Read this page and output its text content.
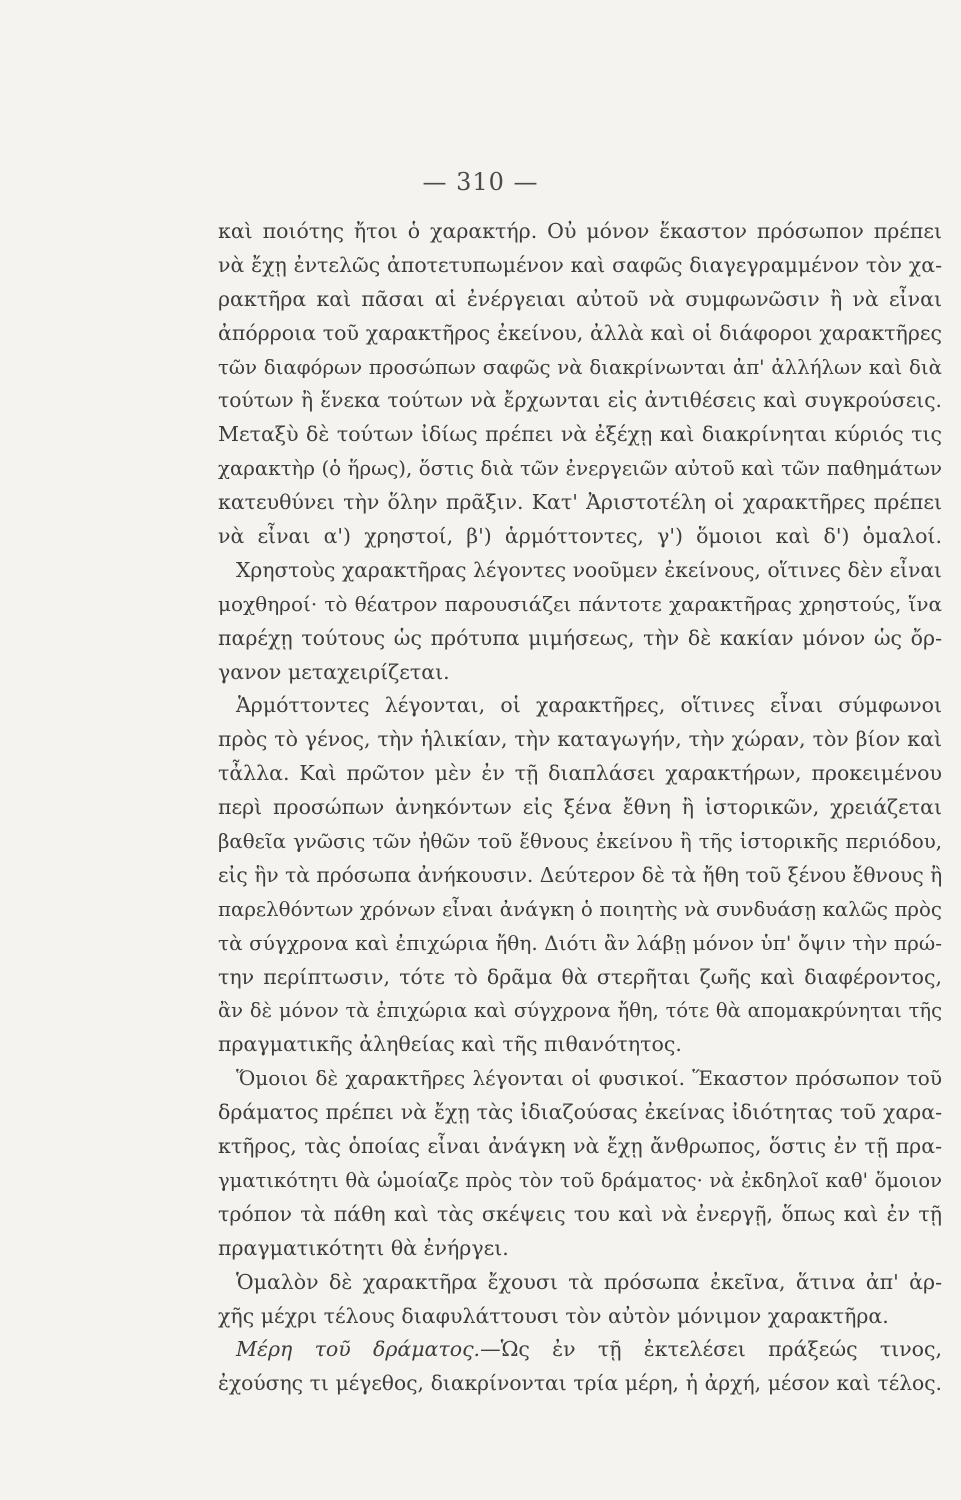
— 310 —
καὶ ποιότης ἤτοι ὁ χαρακτήρ. Οὐ μόνον ἕκαστον πρόσωπον πρέπει
νὰ ἔχῃ ἐντελῶς ἀποτετυπωμένον καὶ σαφῶς διαγεγραμμένον τὸν χα-
ρακτῆρα καὶ πᾶσαι αἱ ἐνέργειαι αὐτοῦ νὰ συμφωνῶσιν ἢ νὰ εἶναι
ἀπόρροια τοῦ χαρακτῆρος ἐκείνου, ἀλλὰ καὶ οἱ διάφοροι χαρακτῆρες
τῶν διαφόρων προσώπων σαφῶς νὰ διακρίνωνται ἀπ' ἀλλήλων καὶ διὰ
τούτων ἢ ἕνεκα τούτων νὰ ἔρχωνται εἰς ἀντιθέσεις καὶ συγκρούσεις.
Μεταξὺ δὲ τούτων ἰδίως πρέπει νὰ ἐξέχῃ καὶ διακρίνηται κύριός τις
χαρακτὴρ (ὁ ἥρως), ὅστις διὰ τῶν ἐνεργειῶν αὐτοῦ καὶ τῶν παθημάτων
κατευθύνει τὴν ὅλην πρᾶξιν. Κατ' Ἀριστοτέλη οἱ χαρακτῆρες πρέπει
νὰ εἶναι α') χρηστοί, β') ἁρμόττοντες, γ') ὅμοιοι καὶ δ') ὁμαλοί.
Χρηστοὺς χαρακτῆρας λέγοντες νοοῦμεν ἐκείνους, οἵτινες δὲν εἶναι
μοχθηροί· τὸ θέατρον παρουσιάζει πάντοτε χαρακτῆρας χρηστούς, ἵνα
παρέχῃ τούτους ὡς πρότυπα μιμήσεως, τὴν δὲ κακίαν μόνον ὡς ὄρ-
γανον μεταχειρίζεται.
Ἁρμόττοντες λέγονται, οἱ χαρακτῆρες, οἵτινες εἶναι σύμφωνοι
πρὸς τὸ γένος, τὴν ἡλικίαν, τὴν καταγωγήν, τὴν χώραν, τὸν βίον καὶ
τἆλλα. Καὶ πρῶτον μὲν ἐν τῇ διαπλάσει χαρακτήρων, προκειμένου
περὶ προσώπων ἀνηκόντων εἰς ξένα ἔθνη ἢ ἱστορικῶν, χρειάζεται
βαθεῖα γνῶσις τῶν ἠθῶν τοῦ ἔθνους ἐκείνου ἢ τῆς ἱστορικῆς περιόδου,
εἰς ἣν τὰ πρόσωπα ἀνήκουσιν. Δεύτερον δὲ τὰ ἤθη τοῦ ξένου ἔθνους ἢ
παρελθόντων χρόνων εἶναι ἀνάγκη ὁ ποιητὴς νὰ συνδυάσῃ καλῶς πρὸς
τὰ σύγχρονα καὶ ἐπιχώρια ἤθη. Διότι ἂν λάβῃ μόνον ὑπ' ὄψιν τὴν πρώ-
την περίπτωσιν, τότε τὸ δρᾶμα θὰ στερῆται ζωῆς καὶ διαφέροντος,
ἂν δὲ μόνον τὰ ἐπιχώρια καὶ σύγχρονα ἤθη, τότε θὰ απομακρύνηται τῆς
πραγματικῆς ἀληθείας καὶ τῆς πιθανότητος.
Ὅμοιοι δὲ χαρακτῆρες λέγονται οἱ φυσικοί. Ἕκαστον πρόσωπον τοῦ
δράματος πρέπει νὰ ἔχῃ τὰς ἰδιαζούσας ἐκείνας ἰδιότητας τοῦ χαρα-
κτῆρος, τὰς ὁποίας εἶναι ἀνάγκη νὰ ἔχῃ ἄνθρωπος, ὅστις ἐν τῇ πρα-
γματικότητι θὰ ὡμοίαζε πρὸς τὸν τοῦ δράματος· νὰ ἐκδηλοῖ καθ' ὅμοιον
τρόπον τὰ πάθη καὶ τὰς σκέψεις του καὶ νὰ ἐνεργῇ, ὅπως καὶ ἐν τῇ
πραγματικότητι θὰ ἐνήργει.
Ὁμαλὸν δὲ χαρακτῆρα ἔχουσι τὰ πρόσωπα ἐκεῖνα, ἅτινα ἀπ' ἀρ-
χῆς μέχρι τέλους διαφυλάττουσι τὸν αὐτὸν μόνιμον χαρακτῆρα.
Μέρη τοῦ δράματος.—Ὡς ἐν τῇ ἐκτελέσει πράξεώς τινος,
ἐχούσης τι μέγεθος, διακρίνονται τρία μέρη, ἡ ἀρχή, μέσον καὶ τέλος.
